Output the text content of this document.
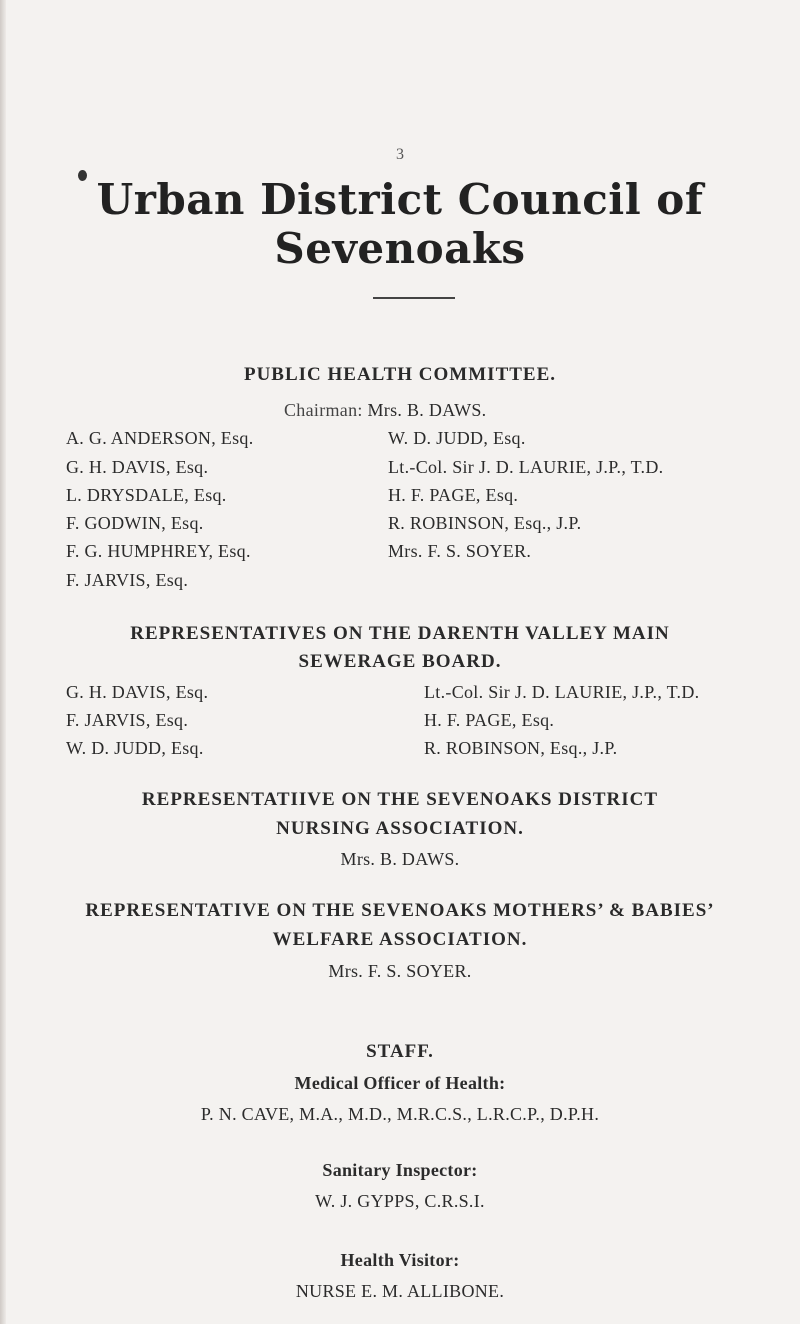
3
Urban District Council of Sevenoaks
PUBLIC HEALTH COMMITTEE.
Chairman: Mrs. B. DAWS.
A. G. ANDERSON, Esq.
G. H. DAVIS, Esq.
L. DRYSDALE, Esq.
F. GODWIN, Esq.
F. G. HUMPHREY, Esq.
F. JARVIS, Esq.
W. D. JUDD, Esq.
Lt.-Col. Sir J. D. LAURIE, J.P., T.D.
H. F. PAGE, Esq.
R. ROBINSON, Esq., J.P.
Mrs. F. S. SOYER.
REPRESENTATIVES ON THE DARENTH VALLEY MAIN
SEWERAGE BOARD.
G. H. DAVIS, Esq.
F. JARVIS, Esq.
W. D. JUDD, Esq.
Lt.-Col. Sir J. D. LAURIE, J.P., T.D.
H. F. PAGE, Esq.
R. ROBINSON, Esq., J.P.
REPRESENTATIIVE ON THE SEVENOAKS DISTRICT
NURSING ASSOCIATION.
Mrs. B. DAWS.
REPRESENTATIVE ON THE SEVENOAKS MOTHERS’ & BABIES’
WELFARE ASSOCIATION.
Mrs. F. S. SOYER.
STAFF.
Medical Officer of Health:
P. N. CAVE, M.A., M.D., M.R.C.S., L.R.C.P., D.P.H.
Sanitary Inspector:
W. J. GYPPS, C.R.S.I.
Health Visitor:
NURSE E. M. ALLIBONE.
